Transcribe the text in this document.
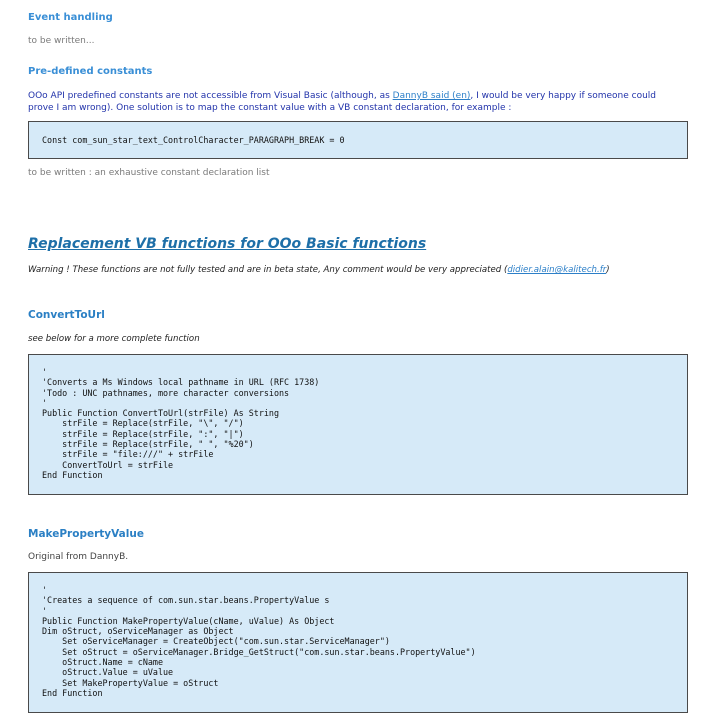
Event handling
to be written...
Pre-defined constants
OOo API predefined constants are not accessible from Visual Basic (although, as DannyB said (en), I would be very happy if someone could prove I am wrong). One solution is to map the constant value with a VB constant declaration, for example :
Const com_sun_star_text_ControlCharacter_PARAGRAPH_BREAK = 0
to be written : an exhaustive constant declaration list
Replacement VB functions for OOo Basic functions
Warning ! These functions are not fully tested and are in beta state, Any comment would be very appreciated (didier.alain@kalitech.fr)
ConvertToUrl
see below for a more complete function
'
'Converts a Ms Windows local pathname in URL (RFC 1738)
'Todo : UNC pathnames, more character conversions
'
Public Function ConvertToUrl(strFile) As String
strFile = Replace(strFile, "\", "/")
strFile = Replace(strFile, ":", "|")
strFile = Replace(strFile, " ", "%20")
strFile = "file:///" + strFile
ConvertToUrl = strFile
End Function
MakePropertyValue
Original from DannyB.
'
'Creates a sequence of com.sun.star.beans.PropertyValue s
'
Public Function MakePropertyValue(cName, uValue) As Object
Dim oStruct, oServiceManager as Object
Set oServiceManager = CreateObject("com.sun.star.ServiceManager")
Set oStruct = oServiceManager.Bridge_GetStruct("com.sun.star.beans.PropertyValue")
oStruct.Name = cName
oStruct.Value = uValue
Set MakePropertyValue = oStruct
End Function
